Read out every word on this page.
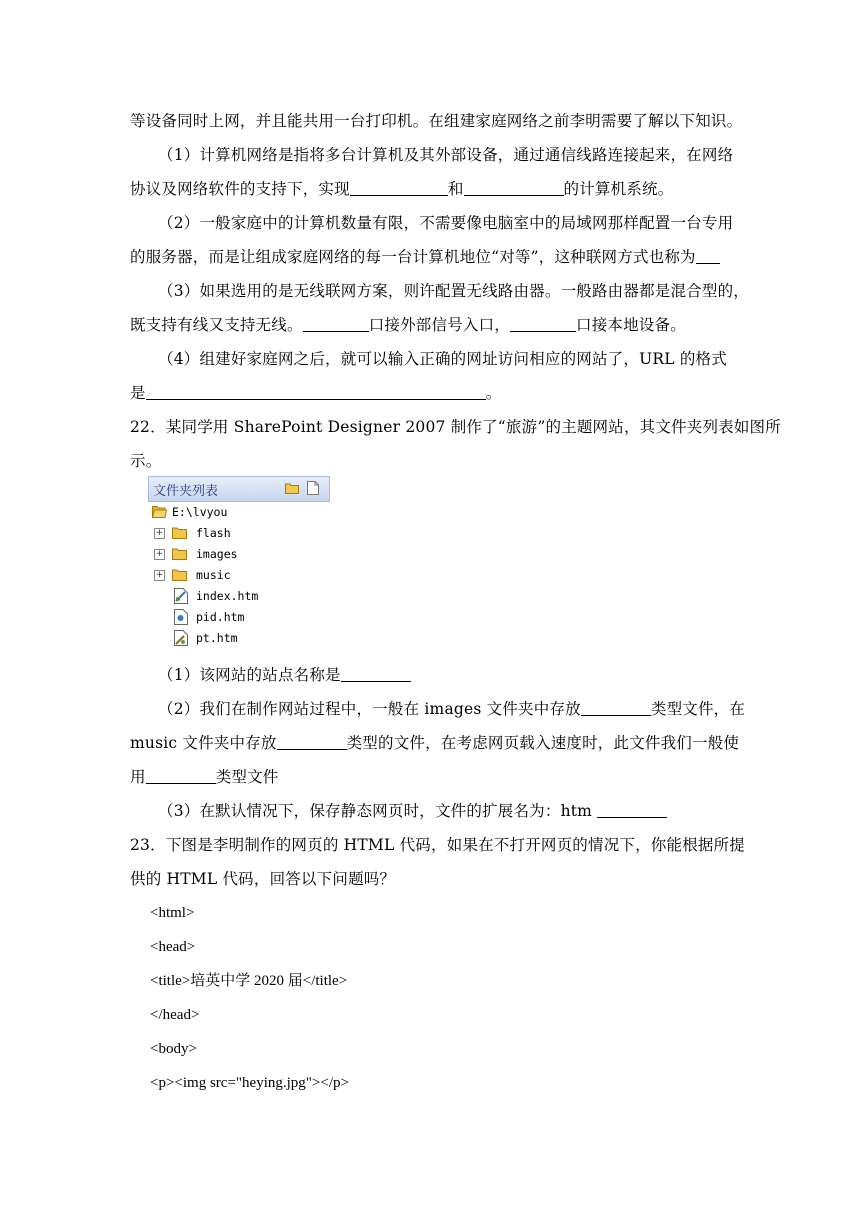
等设备同时上网，并且能共用一台打印机。在组建家庭网络之前李明需要了解以下知识。
（1）计算机网络是指将多台计算机及其外部设备，通过通信线路连接起来，在网络
协议及网络软件的支持下，实现	和	的计算机系统。
（2）一般家庭中的计算机数量有限，不需要像电脑室中的局域网那样配置一台专用
的服务器，而是让组成家庭网络的每一台计算机地位“对等”，这种联网方式也称为
（3）如果选用的是无线联网方案，则许配置无线路由器。一般路由器都是混合型的，
既支持有线又支持无线。	口接外部信号入口，	口接本地设备。
（4）组建好家庭网之后，就可以输入正确的网址访问相应的网站了，URL 的格式
是	。
22．某同学用 SharePoint Designer 2007 制作了“旅游”的主题网站，其文件夹列表如图所
示。
文件夹列表
E:\lvyou
+	flash
+	images
+	music
index.htm
pid.htm
pt.htm
（1）该网站的站点名称是
（2）我们在制作网站过程中，一般在 images 文件夹中存放	类型文件，在
music 文件夹中存放	类型的文件，在考虑网页载入速度时，此文件我们一般使
用	类型文件
（3）在默认情况下，保存静态网页时，文件的扩展名为：htm
23．下图是李明制作的网页的 HTML 代码，如果在不打开网页的情况下，你能根据所提
供的 HTML 代码，回答以下问题吗？
<html>
<head>
<title>培英中学 2020 届</title>
</head>
<body>
<p><img src="heying.jpg"></p>
